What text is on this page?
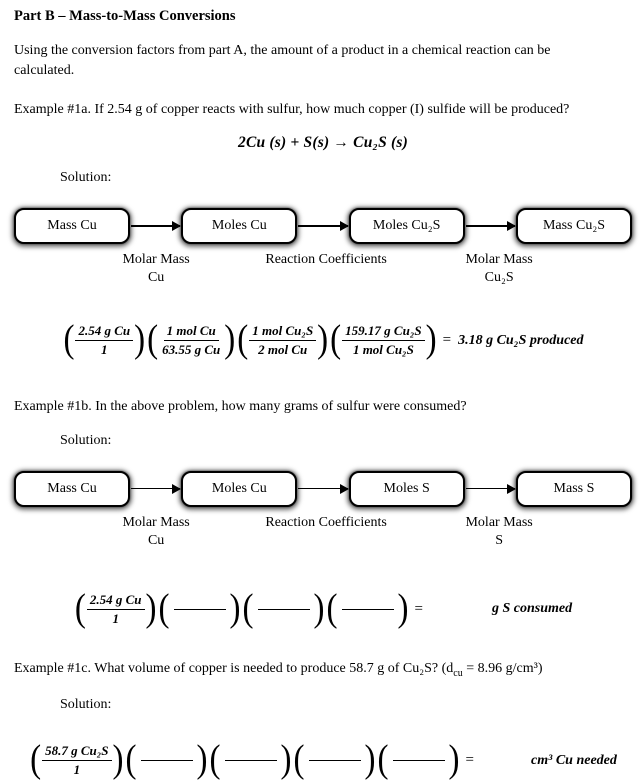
Part B – Mass-to-Mass Conversions

Using the conversion factors from part A, the amount of a product in a chemical reaction can be calculated.

Example #1a. If 2.54 g of copper reacts with sulfur, how much copper (I) sulfide will be produced?

2Cu (s) + S(s) → Cu₂S (s)

Solution:

Mass Cu	Moles Cu	Moles Cu₂S	Mass Cu₂S
Molar Mass
Cu
Reaction Coefficients	Molar Mass
Cu₂S
( $\frac{\text{2.54 g Cu}}{1}$ ) ( $\frac{\text{1 mol Cu}}{\text{63.55 g Cu}}$ ) ( $\frac{\text{1 mol Cu₂S}}{\text{2 mol Cu}}$ ) ( $\frac{\text{159.17 g Cu₂S}}{\text{1 mol Cu₂S}}$ ) = 3.18 g Cu₂S produced

Example #1b. In the above problem, how many grams of sulfur were consumed?

Solution:

Mass Cu	Moles Cu	Moles S	Mass S
Molar Mass
Cu
Reaction Coefficients	Molar Mass
S
( $\frac{\text{2.54 g Cu}}{1}$ ) ( ) ( ) ( ) =	g S consumed

Example #1c. What volume of copper is needed to produce 58.7 g of Cu₂S? ($d_{cu} = 8.96$ g/cm³)

Solution:

( $\frac{\text{58.7 g Cu₂S}}{1}$ ) ( ) ( ) ( ) ( ) =	cm³ Cu needed
